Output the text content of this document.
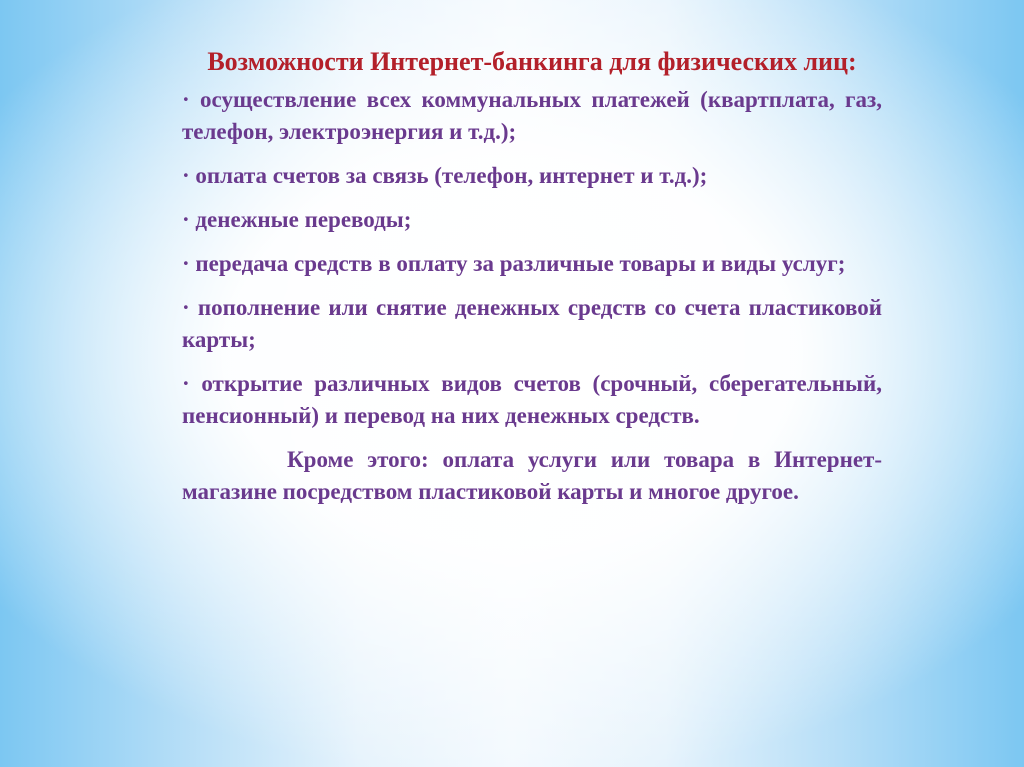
Возможности Интернет-банкинга для физических лиц:
· осуществление всех коммунальных платежей (квартплата, газ, телефон, электроэнергия и т.д.);
· оплата счетов за связь (телефон, интернет и т.д.);
· денежные переводы;
· передача средств в оплату за различные товары и виды услуг;
· пополнение или снятие денежных средств со счета пластиковой карты;
· открытие различных видов счетов (срочный, сберегательный, пенсионный) и перевод на них денежных средств.
Кроме этого: оплата услуги или товара в Интернет-магазине посредством пластиковой карты и многое другое.
